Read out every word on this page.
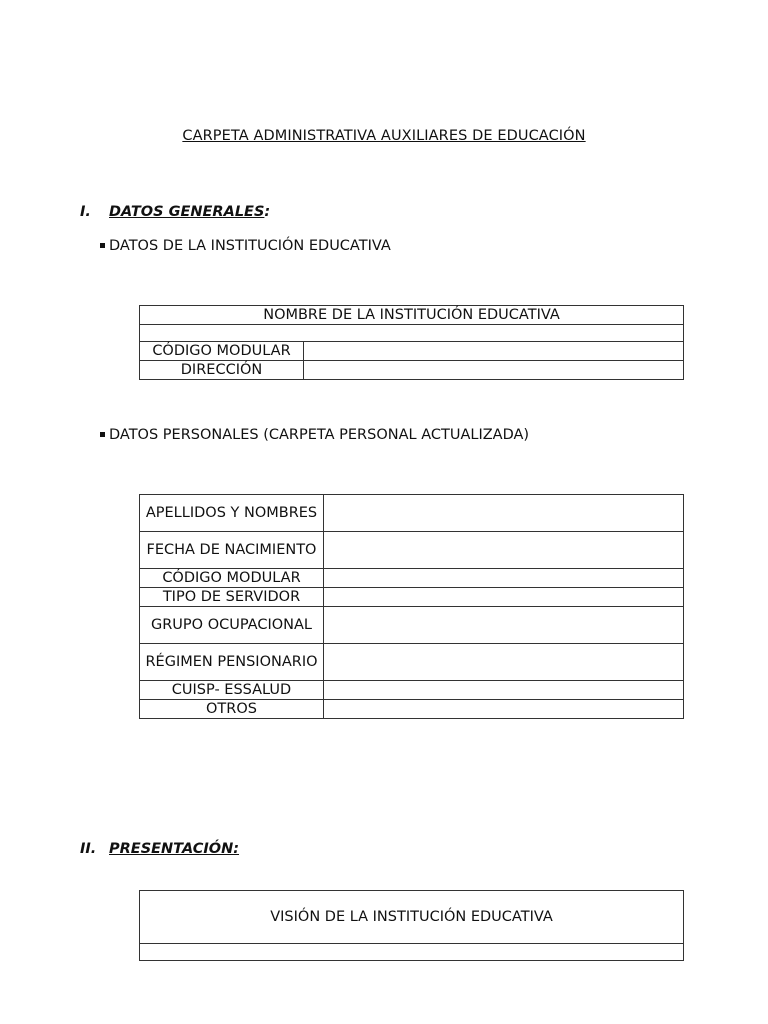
CARPETA ADMINISTRATIVA AUXILIARES DE EDUCACIÓN
I. DATOS GENERALES:
DATOS DE LA INSTITUCIÓN EDUCATIVA
NOMBRE DE LA INSTITUCIÓN EDUCATIVA	

CÓDIGO MODULAR	
DIRECCIÓN	
DATOS PERSONALES (CARPETA PERSONAL ACTUALIZADA)
APELLIDOS Y NOMBRES	
FECHA DE NACIMIENTO	
CÓDIGO MODULAR	
TIPO DE SERVIDOR	
GRUPO OCUPACIONAL	
RÉGIMEN PENSIONARIO	
CUISP- ESSALUD	
OTROS	
II. PRESENTACIÓN:
VISIÓN DE LA INSTITUCIÓN EDUCATIVA
